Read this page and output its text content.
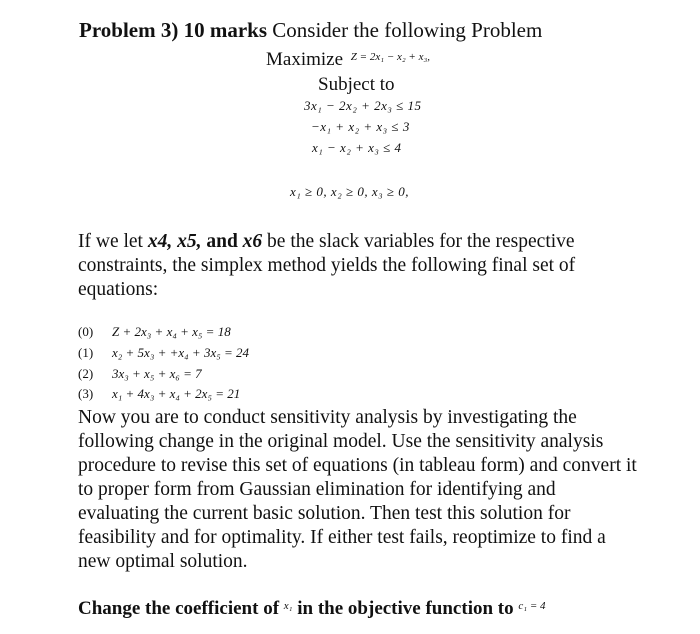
Problem 3) 10 marks Consider the following Problem
Maximize $^{Z = 2x_1 - x_2 + x_3,}$
Subject to
3x₁ − 2x₂ + 2x₃ ≤ 15
−x₁ + x₂ + x₃ ≤ 3
x₁ − x₂ + x₃ ≤ 4
x₁ ≥ 0, x₂ ≥ 0, x₃ ≥ 0,
If we let x4, x5, and x6 be the slack variables for the respective constraints, the simplex method yields the following final set of equations:
(0) Z + 2x₃ + x₄ + x₅ = 18
(1) x₂ + 5x₃ + +x₄ + 3x₅ = 24
(2) 3x₃ + x₅ + x₆ = 7
(3) x₁ + 4x₃ + x₄ + 2x₅ = 21
Now you are to conduct sensitivity analysis by investigating the following change in the original model. Use the sensitivity analysis procedure to revise this set of equations (in tableau form) and convert it to proper form from Gaussian elimination for identifying and evaluating the current basic solution. Then test this solution for feasibility and for optimality. If either test fails, reoptimize to find a new optimal solution.
Change the coefficient of $^{x_1}$ in the objective function to $^{c_1 = 4}$
